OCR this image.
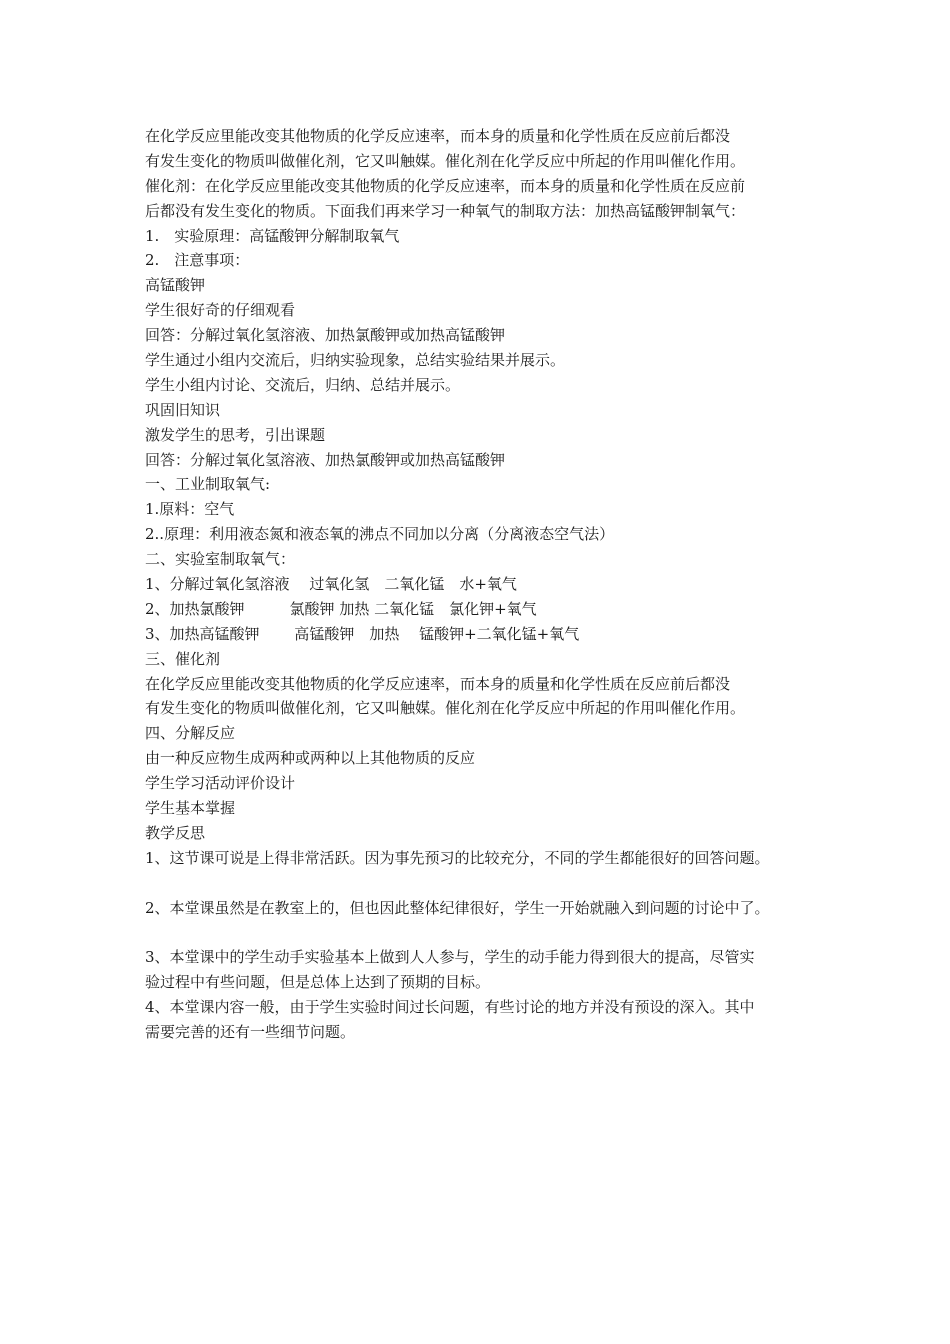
在化学反应里能改变其他物质的化学反应速率，而本身的质量和化学性质在反应前后都没
有发生变化的物质叫做催化剂，它又叫触媒。催化剂在化学反应中所起的作用叫催化作用。
催化剂：在化学反应里能改变其他物质的化学反应速率，而本身的质量和化学性质在反应前
后都没有发生变化的物质。下面我们再来学习一种氧气的制取方法：加热高锰酸钾制氧气：
1.　实验原理：高锰酸钾分解制取氧气
2.　注意事项：
高锰酸钾
学生很好奇的仔细观看
回答：分解过氧化氢溶液、加热氯酸钾或加热高锰酸钾
学生通过小组内交流后，归纳实验现象，总结实验结果并展示。
学生小组内讨论、交流后，归纳、总结并展示。
巩固旧知识
激发学生的思考，引出课题
回答：分解过氧化氢溶液、加热氯酸钾或加热高锰酸钾
一、工业制取氧气:
1.原料：空气
2..原理：利用液态氮和液态氧的沸点不同加以分离（分离液态空气法）
二、实验室制取氧气：
1、分解过氧化氢溶液　 过氧化氢　二氧化锰　水+氧气
2、加热氯酸钾　　　氯酸钾 加热 二氧化锰　氯化钾+氧气
3、加热高锰酸钾　　 高锰酸钾　加热　 锰酸钾+二氧化锰+氧气
三、催化剂
在化学反应里能改变其他物质的化学反应速率，而本身的质量和化学性质在反应前后都没
有发生变化的物质叫做催化剂，它又叫触媒。催化剂在化学反应中所起的作用叫催化作用。
四、分解反应
由一种反应物生成两种或两种以上其他物质的反应
学生学习活动评价设计
学生基本掌握
教学反思
1、这节课可说是上得非常活跃。因为事先预习的比较充分，不同的学生都能很好的回答问题。
2、本堂课虽然是在教室上的，但也因此整体纪律很好，学生一开始就融入到问题的讨论中了。
3、本堂课中的学生动手实验基本上做到人人参与，学生的动手能力得到很大的提高，尽管实
验过程中有些问题，但是总体上达到了预期的目标。
4、本堂课内容一般，由于学生实验时间过长问题，有些讨论的地方并没有预设的深入。其中
需要完善的还有一些细节问题。
